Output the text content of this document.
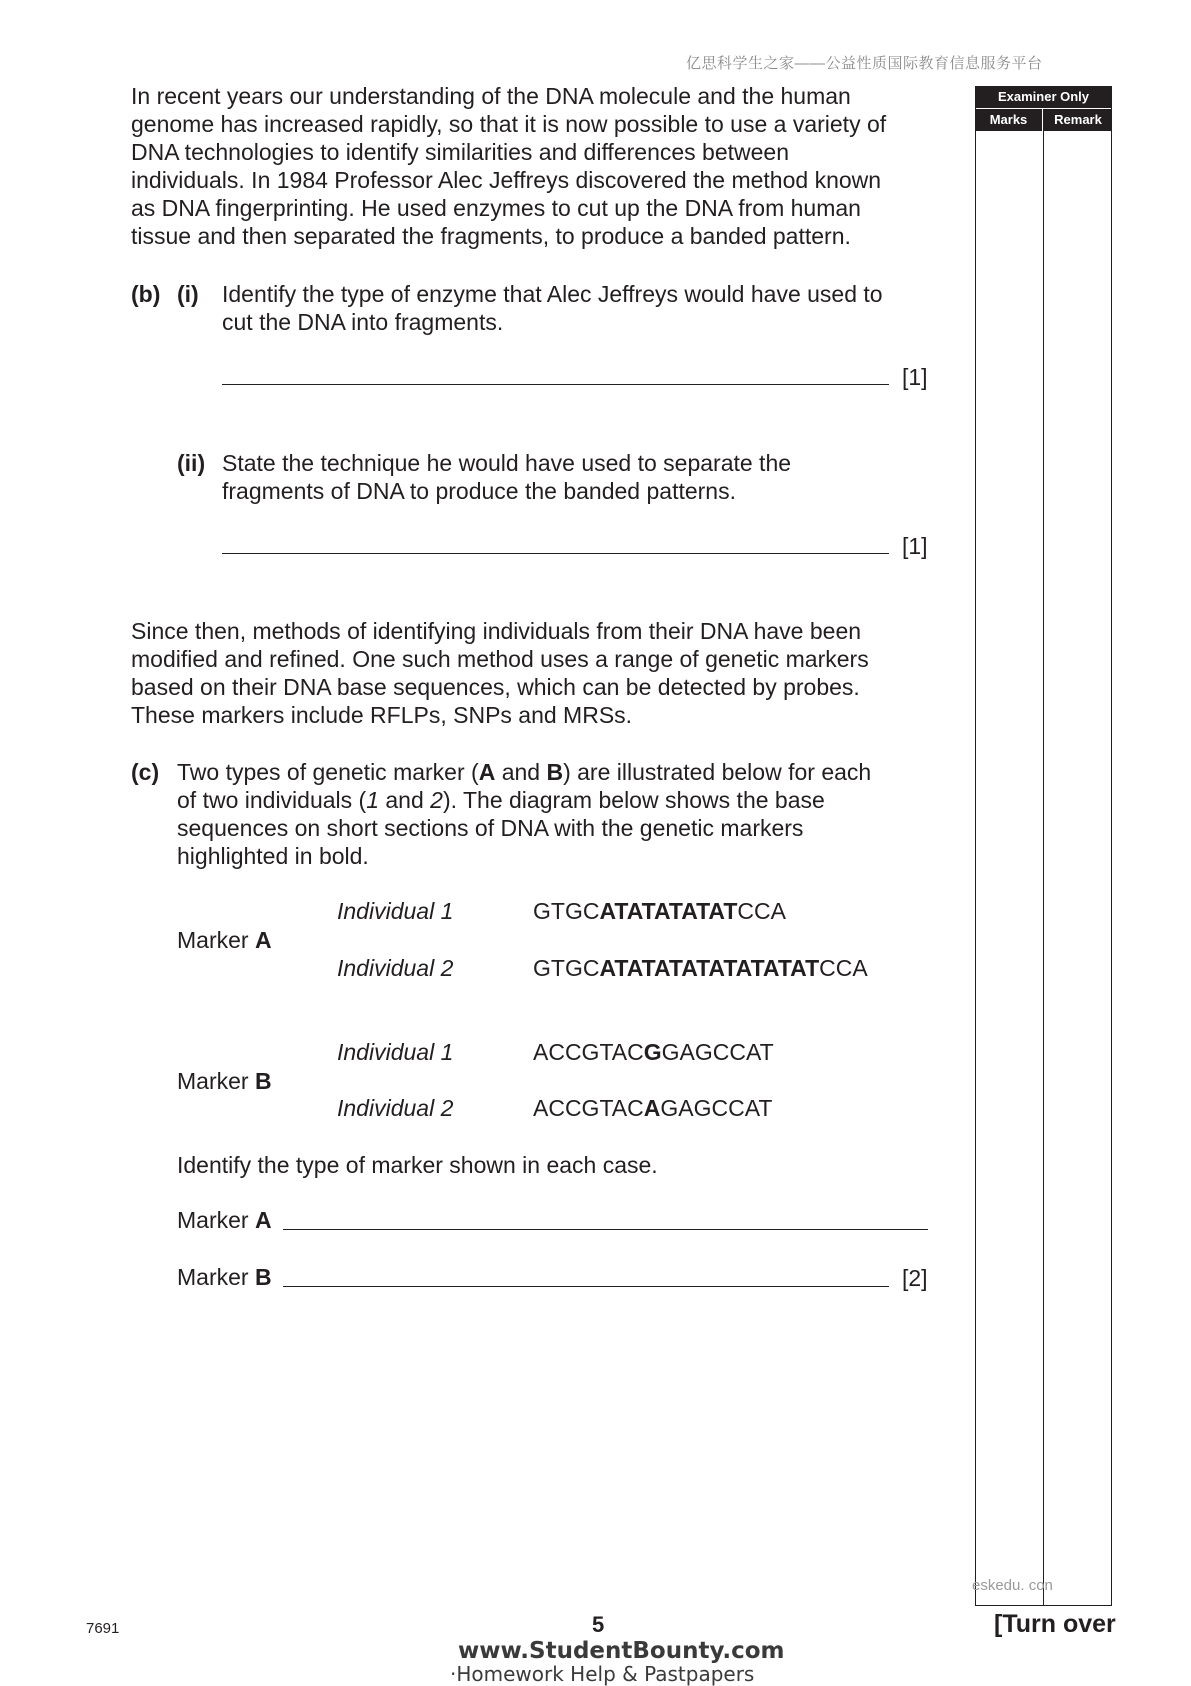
亿思科学生之家——公益性质国际教育信息服务平台
Examiner Only
Marks	Remark
In recent years our understanding of the DNA molecule and the human
genome has increased rapidly, so that it is now possible to use a variety of
DNA technologies to identify similarities and differences between
individuals. In 1984 Professor Alec Jeffreys discovered the method known
as DNA fingerprinting. He used enzymes to cut up the DNA from human
tissue and then separated the fragments, to produce a banded pattern.
(b) (i) Identify the type of enzyme that Alec Jeffreys would have used to
cut the DNA into fragments.
[1]
(ii) State the technique he would have used to separate the
fragments of DNA to produce the banded patterns.
[1]
Since then, methods of identifying individuals from their DNA have been
modified and refined. One such method uses a range of genetic markers
based on their DNA base sequences, which can be detected by probes.
These markers include RFLPs, SNPs and MRSs.
(c) Two types of genetic marker (A and B) are illustrated below for each
of two individuals (1 and 2). The diagram below shows the base
sequences on short sections of DNA with the genetic markers
highlighted in bold.
Marker A
Individual 1	GTGCATATATATATCCA
Individual 2	GTGCATATATATATATATATCCA
Marker B
Individual 1	ACCGTACGGAGCCAT
Individual 2	ACCGTACAGAGCCAT
Identify the type of marker shown in each case.
Marker A
Marker B	[2]
eskedu. con
7691	5	[Turn over
www.StudentBounty.com
·Homework Help & Pastpapers
